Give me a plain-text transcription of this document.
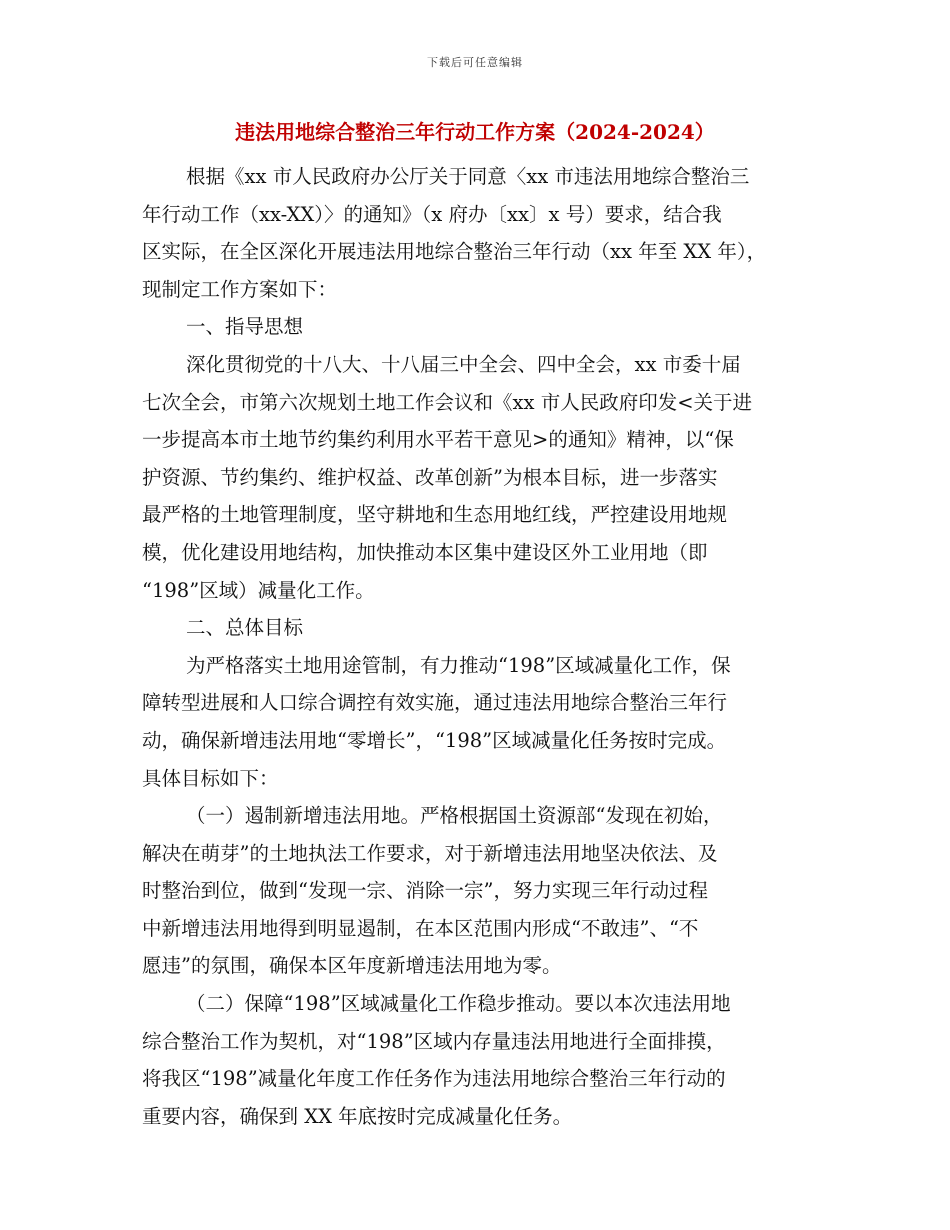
下载后可任意编辑
违法用地综合整治三年行动工作方案（2024-2024）
根据《xx 市人民政府办公厅关于同意〈xx 市违法用地综合整治三
年行动工作（xx-XX）〉的通知》（x 府办〔xx〕x 号）要求，结合我
区实际，在全区深化开展违法用地综合整治三年行动（xx 年至 XX 年），
现制定工作方案如下：
一、指导思想
深化贯彻党的十八大、十八届三中全会、四中全会，xx 市委十届
七次全会，市第六次规划土地工作会议和《xx 市人民政府印发<关于进
一步提高本市土地节约集约利用水平若干意见>的通知》精神，以“保
护资源、节约集约、维护权益、改革创新”为根本目标，进一步落实
最严格的土地管理制度，坚守耕地和生态用地红线，严控建设用地规
模，优化建设用地结构，加快推动本区集中建设区外工业用地（即
“198”区域）减量化工作。
二、总体目标
为严格落实土地用途管制，有力推动“198”区域减量化工作，保
障转型进展和人口综合调控有效实施，通过违法用地综合整治三年行
动，确保新增违法用地“零增长”，“198”区域减量化任务按时完成。
具体目标如下：
（一）遏制新增违法用地。严格根据国土资源部“发现在初始，
解决在萌芽”的土地执法工作要求，对于新增违法用地坚决依法、及
时整治到位，做到“发现一宗、消除一宗”，努力实现三年行动过程
中新增违法用地得到明显遏制，在本区范围内形成“不敢违”、“不
愿违”的氛围，确保本区年度新增违法用地为零。
（二）保障“198”区域减量化工作稳步推动。要以本次违法用地
综合整治工作为契机，对“198”区域内存量违法用地进行全面排摸，
将我区“198”减量化年度工作任务作为违法用地综合整治三年行动的
重要内容，确保到 XX 年底按时完成减量化任务。
